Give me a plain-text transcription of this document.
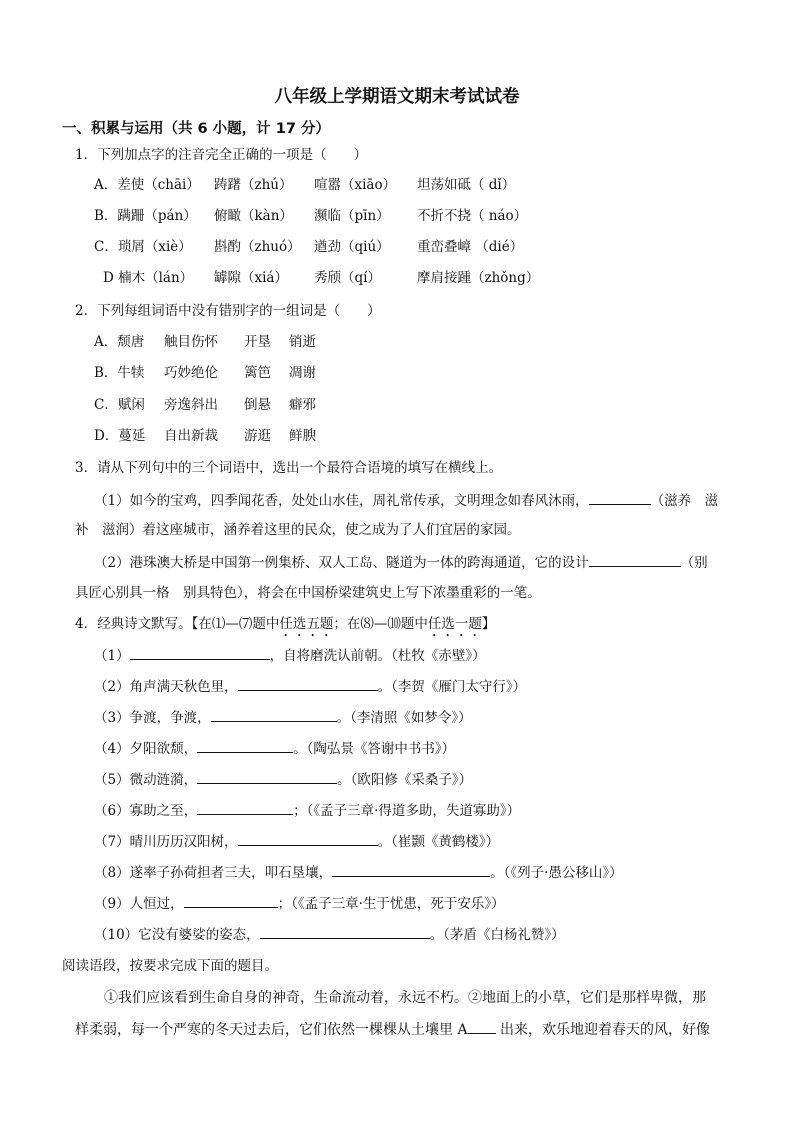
八年级上学期语文期末考试试卷
一、积累与运用（共 6 小题，计 17 分）
1．下列加点字的注音完全正确的一项是（　　）
A．差使（chāi） 踌躇（zhú） 喧嚣（xiāo） 坦荡如砥（ dǐ）
B．蹒跚（pán） 俯瞰（kàn） 濒临（pīn） 不折不挠（ náo）
C．琐屑（xiè） 斟酌（zhuó） 遒劲（qiú） 重峦叠嶂 （dié）
D 楠木（lán） 罅隙（xiá） 秀颀（qí）	摩肩接踵（zhǒng）
2．下列每组词语中没有错别字的一组词是（　　）
A．颓唐 触目伤怀 开垦 销逝
B．牛犊 巧妙绝伦 篱笆 凋谢
C．赋闲 旁逸斜出 倒悬 癖邪
D．蔓延 自出新裁 游逛 鲜腴
3．请从下列句中的三个词语中，选出一个最符合语境的填写在横线上。
（1）如今的宝鸡，四季闻花香，处处山水佳，周礼常传承，文明理念如春风沐雨，	（滋养　滋
补　滋润）着这座城市，涵养着这里的民众，使之成为了人们宜居的家园。
（2）港珠澳大桥是中国第一例集桥、双人工岛、隧道为一体的跨海通道，它的设计	（别
具匠心别具一格　别具特色），将会在中国桥梁建筑史上写下浓墨重彩的一笔。
4．经典诗文默写。【在⑴—⑺题中任选五题；在⑻—⑽题中任选一题】
（1）	，自将磨洗认前朝。（杜牧《赤壁》）
（2）角声满天秋色里，	。（李贺《雁门太守行》）
（3）争渡，争渡，	。（李清照《如梦令》）
（4）夕阳欲颓，	。（陶弘景《答谢中书书》）
（5）微动涟漪，	。（欧阳修《采桑子》）
（6）寡助之至，	；（《孟子三章·得道多助，失道寡助》）
（7）晴川历历汉阳树，	。（崔颢《黄鹤楼》）
（8）遂率子孙荷担者三夫，叩石垦壤，	。（《列子·愚公移山》）
（9）人恒过，	；（《孟子三章·生于忧患，死于安乐》）
（10）它没有婆娑的姿态，	。（茅盾《白杨礼赞》）
阅读语段，按要求完成下面的题目。
①我们应该看到生命自身的神奇，生命流动着，永远不朽。②地面上的小草，它们是那样卑微，那
样柔弱，每一个严寒的冬天过去后，它们依然一棵棵从土壤里 A 出来，欢乐地迎着春天的风，好像
